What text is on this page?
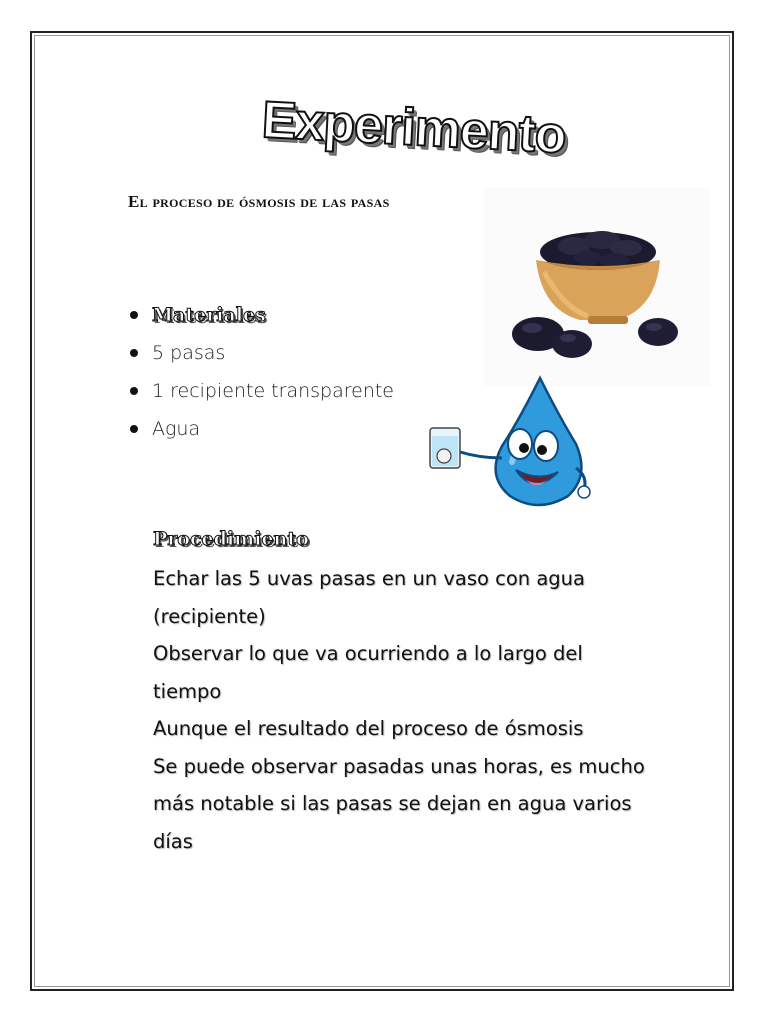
Experimento
El proceso de ósmosis de las pasas
Materiales
5 pasas
1 recipiente transparente
Agua
Procedimiento
Echar las 5 uvas pasas en un vaso con agua
(recipiente)
Observar lo que va ocurriendo a lo largo del
tiempo
Aunque el resultado del proceso de ósmosis
Se puede observar pasadas unas horas, es mucho
más notable si las pasas se dejan en agua varios
días
